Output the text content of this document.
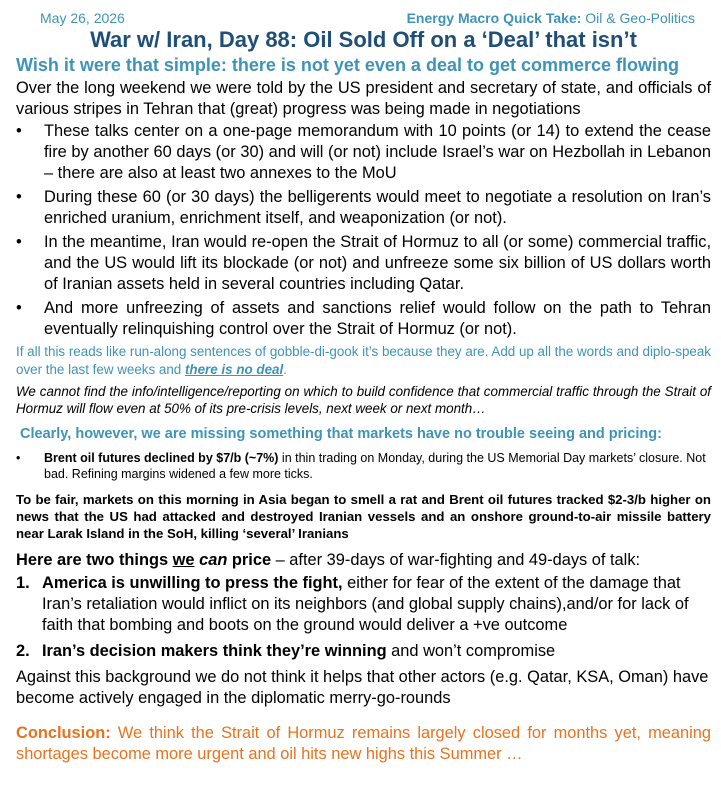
May 26, 2026	Energy Macro Quick Take: Oil & Geo-Politics
War w/ Iran, Day 88: Oil Sold Off on a ‘Deal’ that isn’t
Wish it were that simple: there is not yet even a deal to get commerce flowing
Over the long weekend we were told by the US president and secretary of state, and officials of various stripes in Tehran that (great) progress was being made in negotiations
• These talks center on a one-page memorandum with 10 points (or 14) to extend the cease fire by another 60 days (or 30) and will (or not) include Israel’s war on Hezbollah in Lebanon – there are also at least two annexes to the MoU
• During these 60 (or 30 days) the belligerents would meet to negotiate a resolution on Iran’s enriched uranium, enrichment itself, and weaponization (or not).
• In the meantime, Iran would re-open the Strait of Hormuz to all (or some) commercial traffic, and the US would lift its blockade (or not) and unfreeze some six billion of US dollars worth of Iranian assets held in several countries including Qatar.
• And more unfreezing of assets and sanctions relief would follow on the path to Tehran eventually relinquishing control over the Strait of Hormuz (or not).
If all this reads like run-along sentences of gobble-di-gook it’s because they are. Add up all the words and diplo-speak over the last few weeks and there is no deal.
We cannot find the info/intelligence/reporting on which to build confidence that commercial traffic through the Strait of Hormuz will flow even at 50% of its pre-crisis levels, next week or next month…
Clearly, however, we are missing something that markets have no trouble seeing and pricing:
• Brent oil futures declined by $7/b (~7%) in thin trading on Monday, during the US Memorial Day markets’ closure. Not bad. Refining margins widened a few more ticks.
To be fair, markets on this morning in Asia began to smell a rat and Brent oil futures tracked $2-3/b higher on news that the US had attacked and destroyed Iranian vessels and an onshore ground-to-air missile battery near Larak Island in the SoH, killing ‘several’ Iranians
Here are two things we can price – after 39-days of war-fighting and 49-days of talk:
1. America is unwilling to press the fight, either for fear of the extent of the damage that Iran’s retaliation would inflict on its neighbors (and global supply chains),and/or for lack of faith that bombing and boots on the ground would deliver a +ve outcome
2. Iran’s decision makers think they’re winning and won’t compromise
Against this background we do not think it helps that other actors (e.g. Qatar, KSA, Oman) have become actively engaged in the diplomatic merry-go-rounds
Conclusion: We think the Strait of Hormuz remains largely closed for months yet, meaning shortages become more urgent and oil hits new highs this Summer …
